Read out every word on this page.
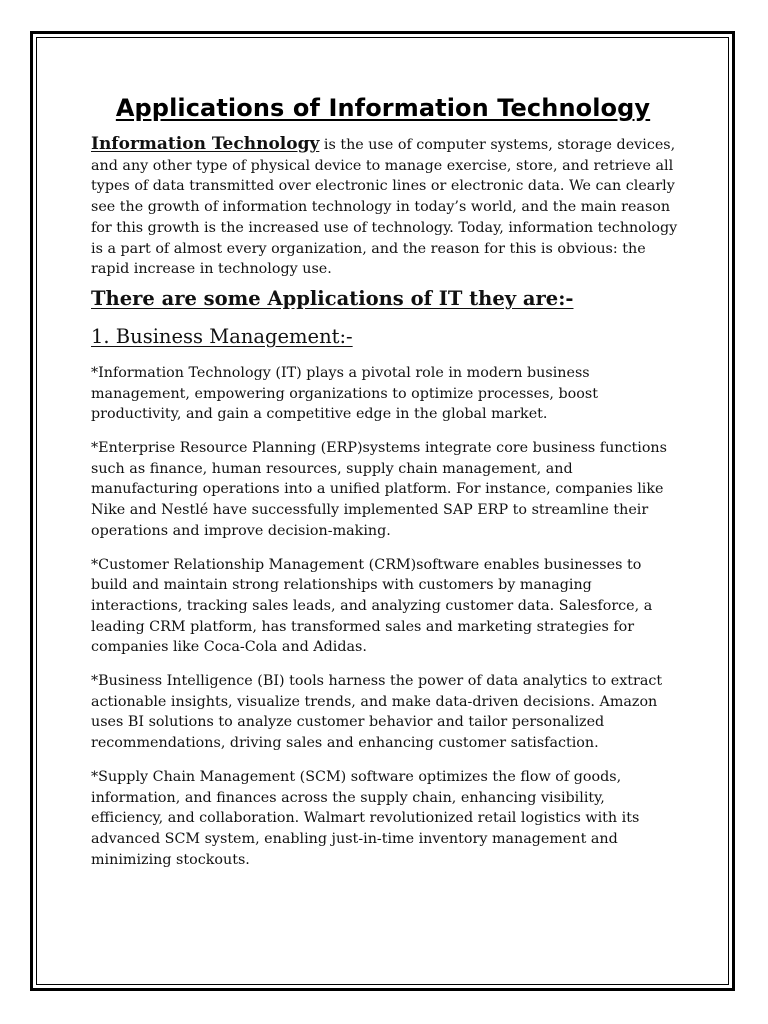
Applications of Information Technology

Information Technology is the use of computer systems, storage devices, and any other type of physical device to manage exercise, store, and retrieve all types of data transmitted over electronic lines or electronic data. We can clearly see the growth of information technology in today’s world, and the main reason for this growth is the increased use of technology. Today, information technology is a part of almost every organization, and the reason for this is obvious: the rapid increase in technology use.

There are some Applications of IT they are:-
1. Business Management:-

*Information Technology (IT) plays a pivotal role in modern business management, empowering organizations to optimize processes, boost productivity, and gain a competitive edge in the global market.

*Enterprise Resource Planning (ERP)systems integrate core business functions such as finance, human resources, supply chain management, and manufacturing operations into a unified platform. For instance, companies like Nike and Nestlé have successfully implemented SAP ERP to streamline their operations and improve decision-making.

*Customer Relationship Management (CRM)software enables businesses to build and maintain strong relationships with customers by managing interactions, tracking sales leads, and analyzing customer data. Salesforce, a leading CRM platform, has transformed sales and marketing strategies for companies like Coca-Cola and Adidas.

*Business Intelligence (BI) tools harness the power of data analytics to extract actionable insights, visualize trends, and make data-driven decisions. Amazon uses BI solutions to analyze customer behavior and tailor personalized recommendations, driving sales and enhancing customer satisfaction.

*Supply Chain Management (SCM) software optimizes the flow of goods, information, and finances across the supply chain, enhancing visibility, efficiency, and collaboration. Walmart revolutionized retail logistics with its advanced SCM system, enabling just-in-time inventory management and minimizing stockouts.
